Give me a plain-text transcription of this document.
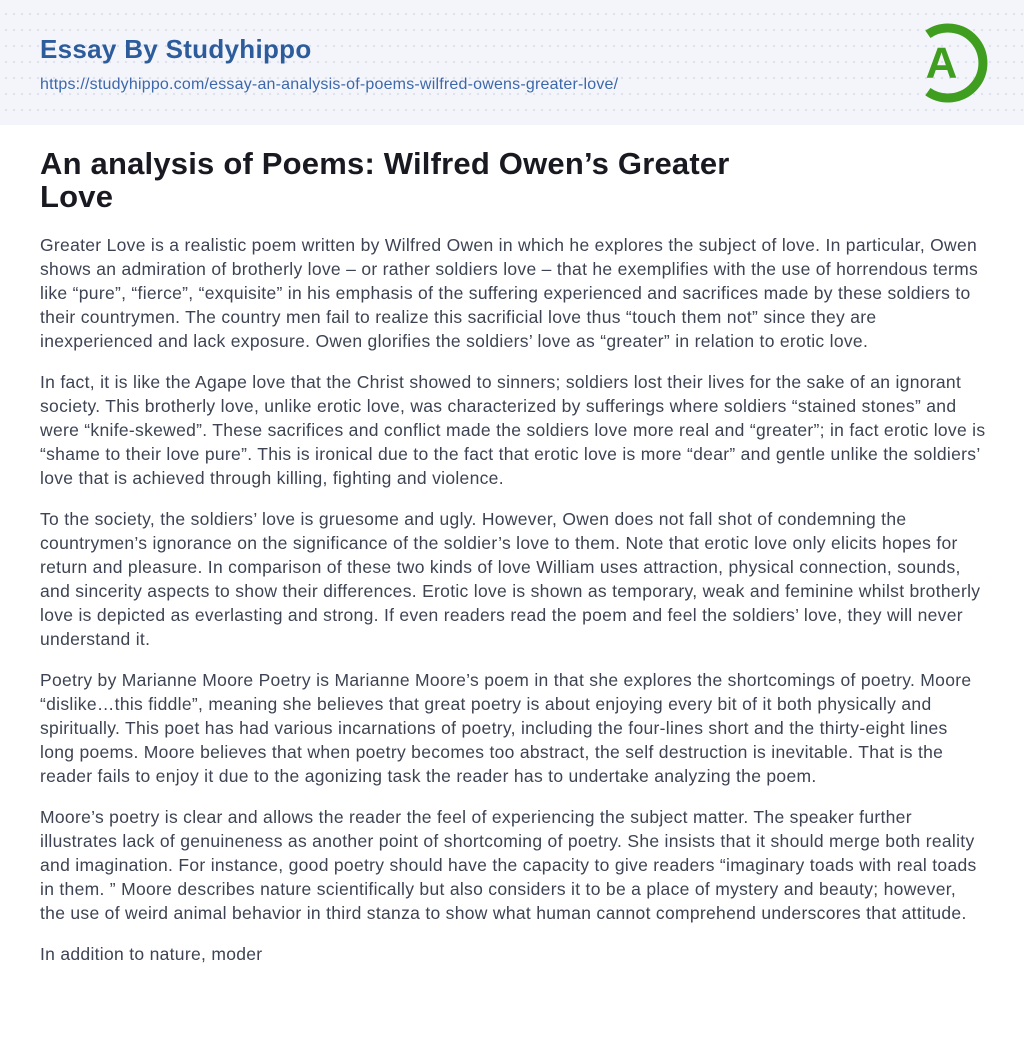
Essay By Studyhippo
https://studyhippo.com/essay-an-analysis-of-poems-wilfred-owens-greater-love/	A
An analysis of Poems: Wilfred Owen’s Greater
Love

Greater Love is a realistic poem written by Wilfred Owen in which he explores the subject of love. In particular, Owen shows an admiration of brotherly love – or rather soldiers love – that he exemplifies with the use of horrendous terms like “pure”, “fierce”, “exquisite” in his emphasis of the suffering experienced and sacrifices made by these soldiers to their countrymen. The country men fail to realize this sacrificial love thus “touch them not” since they are inexperienced and lack exposure. Owen glorifies the soldiers’ love as “greater” in relation to erotic love.

In fact, it is like the Agape love that the Christ showed to sinners; soldiers lost their lives for the sake of an ignorant society. This brotherly love, unlike erotic love, was characterized by sufferings where soldiers “stained stones” and were “knife-skewed”. These sacrifices and conflict made the soldiers love more real and “greater”; in fact erotic love is “shame to their love pure”. This is ironical due to the fact that erotic love is more “dear” and gentle unlike the soldiers’ love that is achieved through killing, fighting and violence.

To the society, the soldiers’ love is gruesome and ugly. However, Owen does not fall shot of condemning the countrymen’s ignorance on the significance of the soldier’s love to them. Note that erotic love only elicits hopes for return and pleasure. In comparison of these two kinds of love William uses attraction, physical connection, sounds, and sincerity aspects to show their differences. Erotic love is shown as temporary, weak and feminine whilst brotherly love is depicted as everlasting and strong. If even readers read the poem and feel the soldiers’ love, they will never understand it.

Poetry by Marianne Moore Poetry is Marianne Moore’s poem in that she explores the shortcomings of poetry. Moore “dislike…this fiddle”, meaning she believes that great poetry is about enjoying every bit of it both physically and spiritually. This poet has had various incarnations of poetry, including the four-lines short and the thirty-eight lines long poems. Moore believes that when poetry becomes too abstract, the self destruction is inevitable. That is the reader fails to enjoy it due to the agonizing task the reader has to undertake analyzing the poem.

Moore’s poetry is clear and allows the reader the feel of experiencing the subject matter. The speaker further illustrates lack of genuineness as another point of shortcoming of poetry. She insists that it should merge both reality and imagination. For instance, good poetry should have the capacity to give readers “imaginary toads with real toads in them. ” Moore describes nature scientifically but also considers it to be a place of mystery and beauty; however, the use of weird animal behavior in third stanza to show what human cannot comprehend underscores that attitude.

In addition to nature, moder
